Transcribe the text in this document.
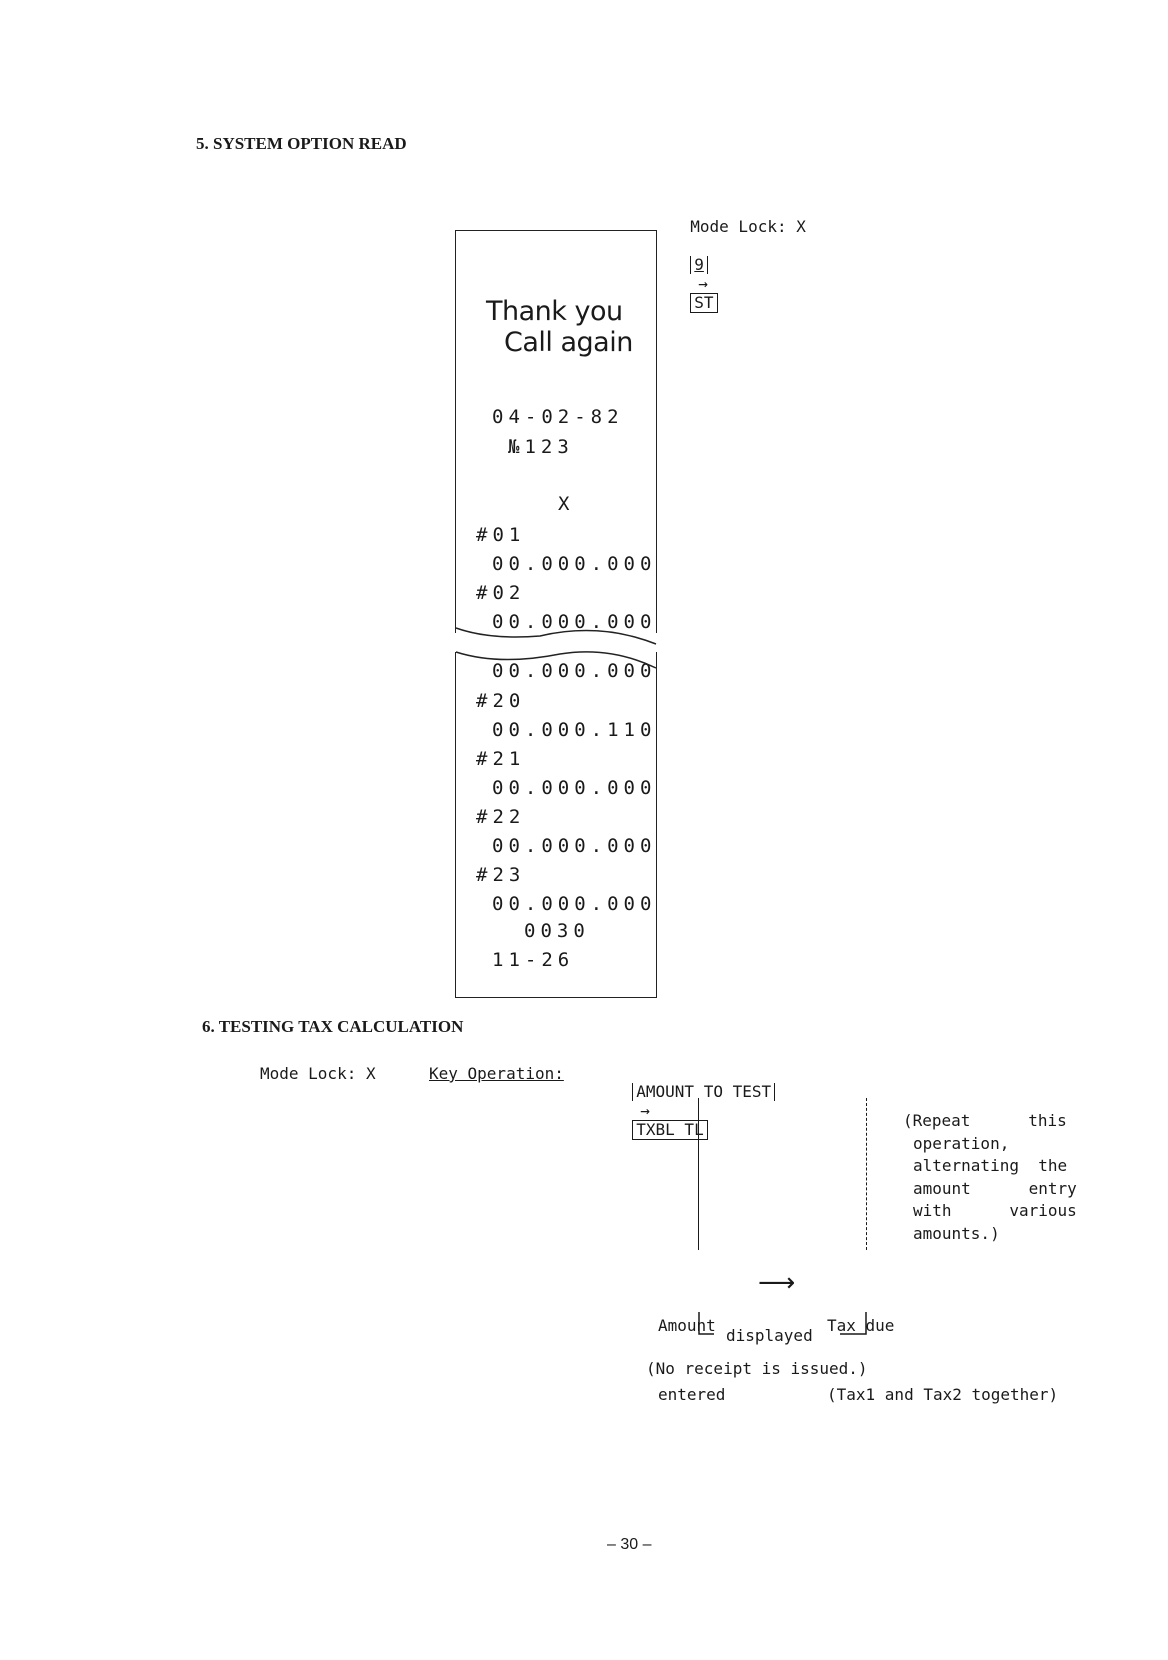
5. SYSTEM OPTION READ

Mode Lock: X

9
→
ST

Thank you
Call again
04-02-82
№123
X
#01
00.000.000
#02
00.000.000
00.000.000
#20
00.000.110
#21
00.000.000
#22
00.000.000
#23
00.000.000
0030
11-26
6. TESTING TAX CALCULATION
Mode Lock: X	Key Operation:

AMOUNT TO TEST
→
TXBL TL	(Repeat      this
operation,
alternating  the
amount      entry
with      various
amounts.)

Amount

entered

⟶

Tax due

(Tax1 and Tax2 together)

displayed
(No receipt is issued.)
– 30 –
